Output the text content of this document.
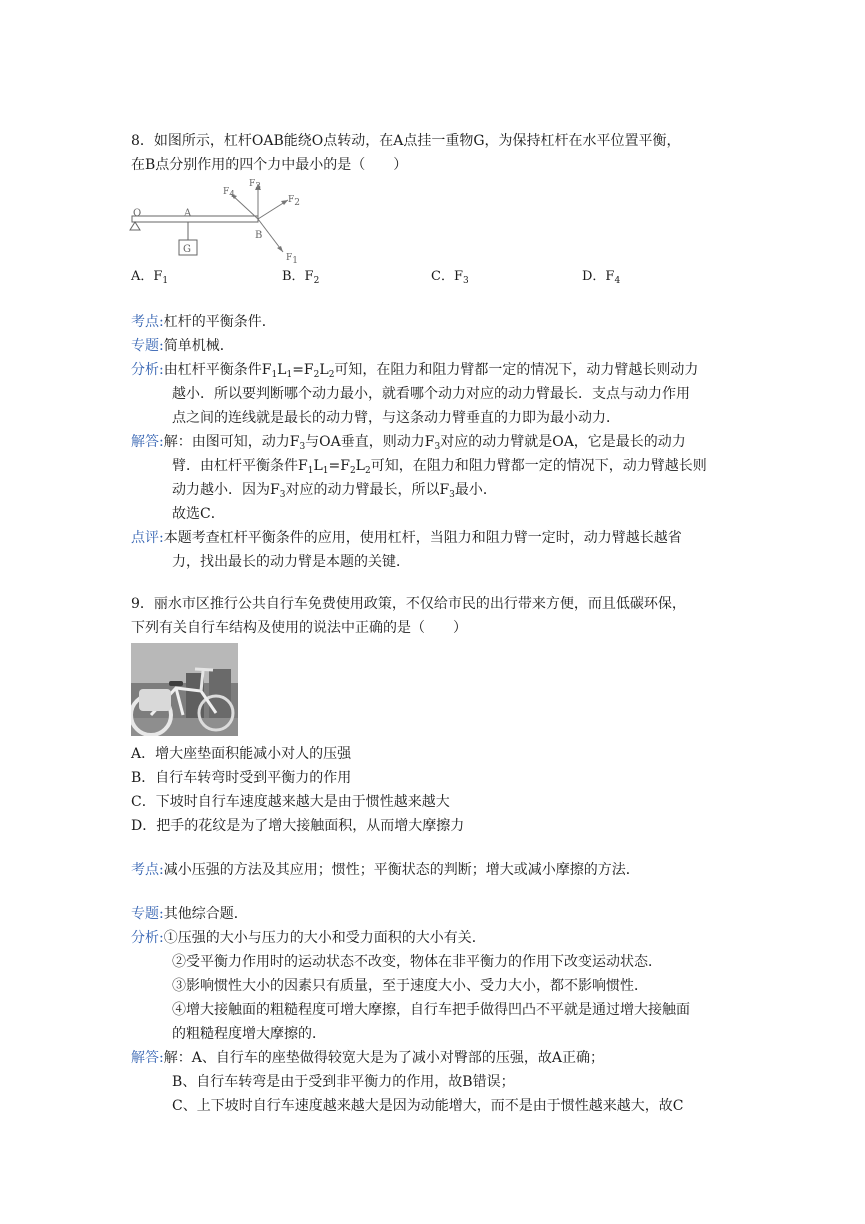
8．如图所示，杠杆OAB能绕O点转动，在A点挂一重物G，为保持杠杆在水平位置平衡，
在B点分别作用的四个力中最小的是（　　）
O	A
B
G
$F_4$
$F_3$
$F_2$
$F_1$
A．$F_1$	B．$F_2$	C．$F_3$	D．$F_4$
考点:杠杆的平衡条件．
专题:简单机械．
分析:由杠杆平衡条件$F_1L_1=F_2L_2$可知，在阻力和阻力臂都一定的情况下，动力臂越长则动力
越小．所以要判断哪个动力最小，就看哪个动力对应的动力臂最长．支点与动力作用
点之间的连线就是最长的动力臂，与这条动力臂垂直的力即为最小动力．
解答:解：由图可知，动力$F_3$与OA垂直，则动力$F_3$对应的动力臂就是OA，它是最长的动力
臂．由杠杆平衡条件$F_1L_1=F_2L_2$可知，在阻力和阻力臂都一定的情况下，动力臂越长则
动力越小．因为$F_3$对应的动力臂最长，所以$F_3$最小．
故选C．
点评:本题考查杠杆平衡条件的应用，使用杠杆，当阻力和阻力臂一定时，动力臂越长越省
力，找出最长的动力臂是本题的关键．
9．丽水市区推行公共自行车免费使用政策，不仅给市民的出行带来方便，而且低碳环保，
下列有关自行车结构及使用的说法中正确的是（　　）
A．增大座垫面积能减小对人的压强
B．自行车转弯时受到平衡力的作用
C．下坡时自行车速度越来越大是由于惯性越来越大
D．把手的花纹是为了增大接触面积，从而增大摩擦力
考点:减小压强的方法及其应用；惯性；平衡状态的判断；增大或减小摩擦的方法．
专题:其他综合题．
分析:①压强的大小与压力的大小和受力面积的大小有关．
②受平衡力作用时的运动状态不改变，物体在非平衡力的作用下改变运动状态．
③影响惯性大小的因素只有质量，至于速度大小、受力大小，都不影响惯性．
④增大接触面的粗糙程度可增大摩擦，自行车把手做得凹凸不平就是通过增大接触面
的粗糙程度增大摩擦的．
解答:解：A、自行车的座垫做得较宽大是为了减小对臀部的压强，故A正确；
B、自行车转弯是由于受到非平衡力的作用，故B错误；
C、上下坡时自行车速度越来越大是因为动能增大，而不是由于惯性越来越大，故C
